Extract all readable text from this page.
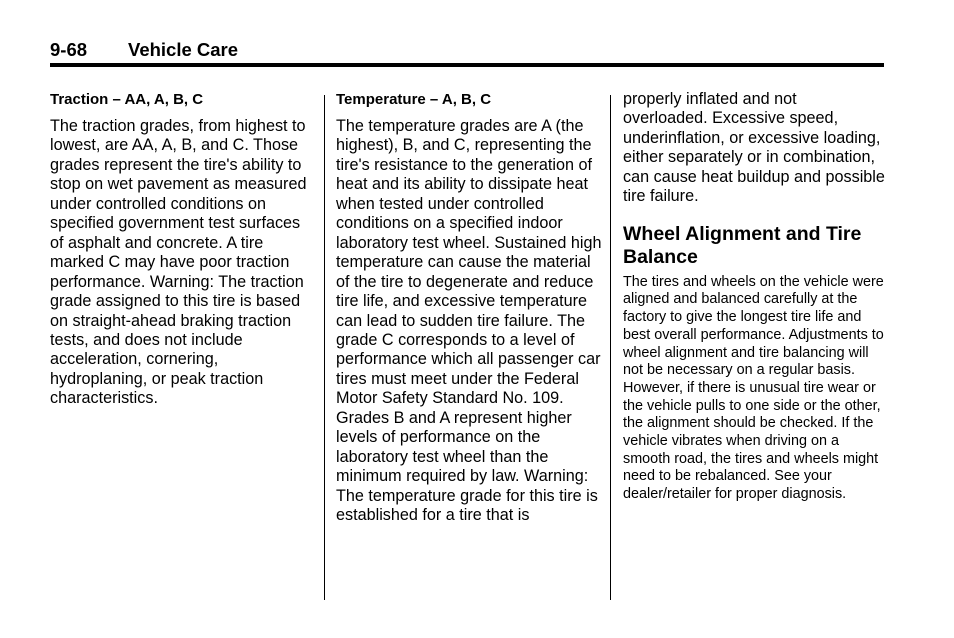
9-68 Vehicle Care

Traction – AA, A, B, C

The traction grades, from highest to lowest, are AA, A, B, and C. Those grades represent the tire's ability to stop on wet pavement as measured under controlled conditions on specified government test surfaces of asphalt and concrete. A tire marked C may have poor traction performance. Warning: The traction grade assigned to this tire is based on straight-ahead braking traction tests, and does not include acceleration, cornering, hydroplaning, or peak traction characteristics.

Temperature – A, B, C

The temperature grades are A (the highest), B, and C, representing the tire's resistance to the generation of heat and its ability to dissipate heat when tested under controlled conditions on a specified indoor laboratory test wheel. Sustained high temperature can cause the material of the tire to degenerate and reduce tire life, and excessive temperature can lead to sudden tire failure. The grade C corresponds to a level of performance which all passenger car tires must meet under the Federal Motor Safety Standard No. 109. Grades B and A represent higher levels of performance on the laboratory test wheel than the minimum required by law. Warning: The temperature grade for this tire is established for a tire that is

properly inflated and not overloaded. Excessive speed, underinflation, or excessive loading, either separately or in combination, can cause heat buildup and possible tire failure.

Wheel Alignment and Tire Balance

The tires and wheels on the vehicle were aligned and balanced carefully at the factory to give the longest tire life and best overall performance. Adjustments to wheel alignment and tire balancing will not be necessary on a regular basis. However, if there is unusual tire wear or the vehicle pulls to one side or the other, the alignment should be checked. If the vehicle vibrates when driving on a smooth road, the tires and wheels might need to be rebalanced. See your dealer/retailer for proper diagnosis.
